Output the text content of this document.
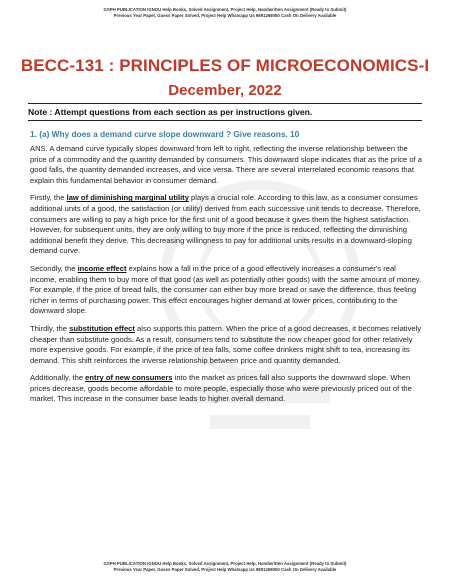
GSPH PUBLICATION IGNOU Help Books, Solved Assignment, Project Help, Handwritten Assignment (Ready to Submit)
Previous Year Paper, Guess Paper Solved, Project Help Whatsapp Us 9891268050 Cash On Delivery Available
BECC-131 : PRINCIPLES OF MICROECONOMICS-I
December, 2022
Note : Attempt questions from each section as per instructions given.
1. (a) Why does a demand curve slope downward ? Give reasons. 10

ANS. A demand curve typically slopes downward from left to right, reflecting the inverse relationship between the price of a commodity and the quantity demanded by consumers. This downward slope indicates that as the price of a good falls, the quantity demanded increases, and vice versa. There are several interrelated economic reasons that explain this fundamental behavior in consumer demand.

Firstly, the law of diminishing marginal utility plays a crucial role. According to this law, as a consumer consumes additional units of a good, the satisfaction (or utility) derived from each successive unit tends to decrease. Therefore, consumers are willing to pay a high price for the first unit of a good because it gives them the highest satisfaction. However, for subsequent units, they are only willing to buy more if the price is reduced, reflecting the diminishing additional benefit they derive. This decreasing willingness to pay for additional units results in a downward-sloping demand curve.

Secondly, the income effect explains how a fall in the price of a good effectively increases a consumer's real income, enabling them to buy more of that good (as well as potentially other goods) with the same amount of money. For example, if the price of bread falls, the consumer can either buy more bread or save the difference, thus feeling richer in terms of purchasing power. This effect encourages higher demand at lower prices, contributing to the downward slope.

Thirdly, the substitution effect also supports this pattern. When the price of a good decreases, it becomes relatively cheaper than substitute goods. As a result, consumers tend to substitute the now cheaper good for other relatively more expensive goods. For example, if the price of tea falls, some coffee drinkers might shift to tea, increasing its demand. This shift reinforces the inverse relationship between price and quantity demanded.

Additionally, the entry of new consumers into the market as prices fall also supports the downward slope. When prices decrease, goods become affordable to more people, especially those who were previously priced out of the market. This increase in the consumer base leads to higher overall demand.

GSPH PUBLICATION IGNOU Help Books, Solved Assignment, Project Help, Handwritten Assignment (Ready to Submit)
Previous Year Paper, Guess Paper Solved, Project Help Whatsapp Us 9891268050 Cash On Delivery Available
